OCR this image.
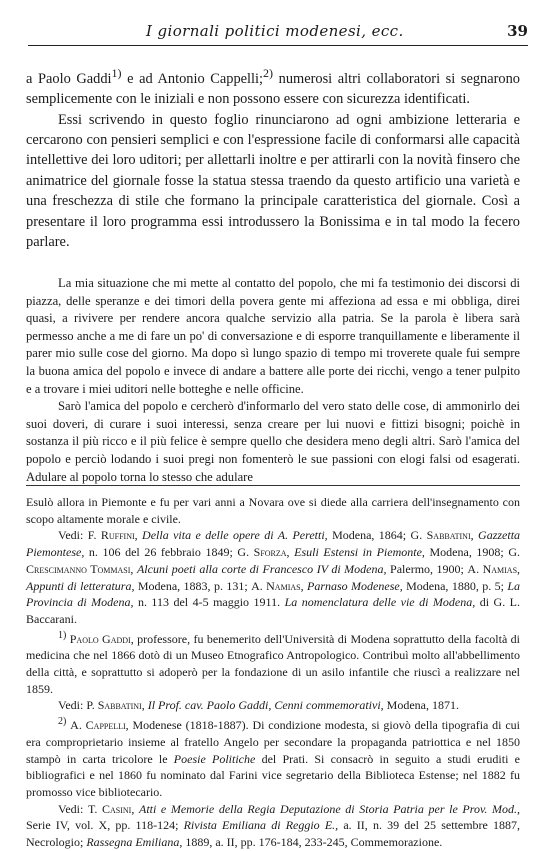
I giornali politici modenesi, ecc.	39

a Paolo Gaddi$^{1)}$ e ad Antonio Cappelli;$^{2)}$ numerosi altri collaboratori si segnarono semplicemente con le iniziali e non possono essere con sicurezza identificati.

Essi scrivendo in questo foglio rinunciarono ad ogni ambizione letteraria e cercarono con pensieri semplici e con l'espressione facile di conformarsi alle capacità intellettive dei loro uditori; per allettarli inoltre e per attirarli con la novità finsero che animatrice del giornale fosse la statua stessa traendo da questo artificio una varietà e una freschezza di stile che formano la principale caratteristica del giornale. Così a presentare il loro programma essi introdussero la Bonissima e in tal modo la fecero parlare.

La mia situazione che mi mette al contatto del popolo, che mi fa testimonio dei discorsi di piazza, delle speranze e dei timori della povera gente mi affeziona ad essa e mi obbliga, direi quasi, a rivivere per rendere ancora qualche servizio alla patria. Se la parola è libera sarà permesso anche a me di fare un po' di conversazione e di esporre tranquillamente e liberamente il parer mio sulle cose del giorno. Ma dopo sì lungo spazio di tempo mi troverete quale fui sempre la buona amica del popolo e invece di andare a battere alle porte dei ricchi, vengo a tener pulpito e a trovare i miei uditori nelle botteghe e nelle officine.

Sarò l'amica del popolo e cercherò d'informarlo del vero stato delle cose, di ammonirlo dei suoi doveri, di curare i suoi interessi, senza creare per lui nuovi e fittizi bisogni; poichè in sostanza il più ricco e il più felice è sempre quello che desidera meno degli altri. Sarò l'amica del popolo e perciò lodando i suoi pregi non fomenterò le sue passioni con elogi falsi od esagerati. Adulare al popolo torna lo stesso che adulare

Esulò allora in Piemonte e fu per vari anni a Novara ove si diede alla carriera dell'insegnamento con scopo altamente morale e civile.

Vedi: F. Ruffini, Della vita e delle opere di A. Peretti, Modena, 1864; G. Sabbatini, Gazzetta Piemontese, n. 106 del 26 febbraio 1849; G. Sforza, Esuli Estensi in Piemonte, Modena, 1908; G. Crescimanno Tommasi, Alcuni poeti alla corte di Francesco IV di Modena, Palermo, 1900; A. Namias, Appunti di letteratura, Modena, 1883, p. 131; A. Namias, Parnaso Modenese, Modena, 1880, p. 5; La Provincia di Modena, n. 113 del 4-5 maggio 1911. La nomenclatura delle vie di Modena, di G. L. Baccarani.

$^{1)}$ Paolo Gaddi, professore, fu benemerito dell'Università di Modena soprattutto della facoltà di medicina che nel 1866 dotò di un Museo Etnografico Antropologico. Contribuì molto all'abbellimento della città, e soprattutto si adoperò per la fondazione di un asilo infantile che riuscì a realizzare nel 1859.

Vedi: P. Sabbatini, Il Prof. cav. Paolo Gaddi, Cenni commemorativi, Modena, 1871.

$^{2)}$ A. Cappelli, Modenese (1818-1887). Di condizione modesta, si giovò della tipografia di cui era comproprietario insieme al fratello Angelo per secondare la propaganda patriottica e nel 1850 stampò in carta tricolore le Poesie Politiche del Prati. Si consacrò in seguito a studi eruditi e bibliografici e nel 1860 fu nominato dal Farini vice segretario della Biblioteca Estense; nel 1882 fu promosso vice bibliotecario.

Vedi: T. Casini, Atti e Memorie della Regia Deputazione di Storia Patria per le Prov. Mod., Serie IV, vol. X, pp. 118-124; Rivista Emiliana di Reggio E., a. II, n. 39 del 25 settembre 1887, Necrologio; Rassegna Emiliana, 1889, a. II, pp. 176-184, 233-245, Commemorazione.
